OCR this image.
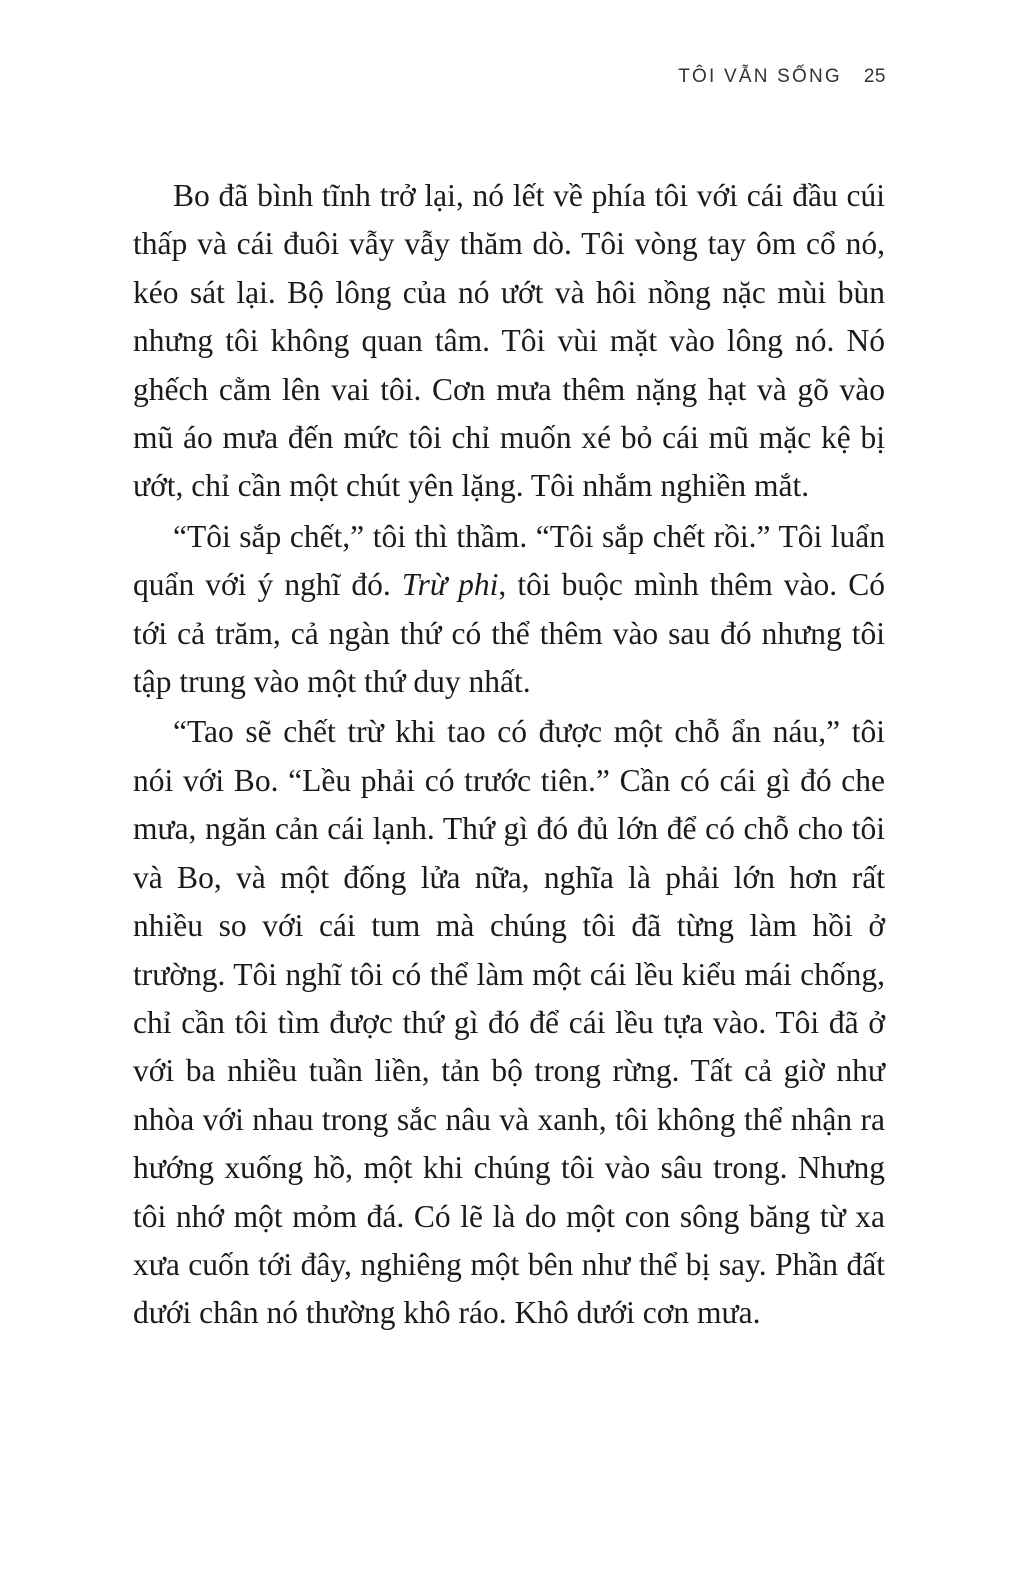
TÔI VẪN SỐNG 25

Bo đã bình tĩnh trở lại, nó lết về phía tôi với cái đầu cúi thấp và cái đuôi vẫy vẫy thăm dò. Tôi vòng tay ôm cổ nó, kéo sát lại. Bộ lông của nó ướt và hôi nồng nặc mùi bùn nhưng tôi không quan tâm. Tôi vùi mặt vào lông nó. Nó ghếch cằm lên vai tôi. Cơn mưa thêm nặng hạt và gõ vào mũ áo mưa đến mức tôi chỉ muốn xé bỏ cái mũ mặc kệ bị ướt, chỉ cần một chút yên lặng. Tôi nhắm nghiền mắt.

“Tôi sắp chết,” tôi thì thầm. “Tôi sắp chết rồi.” Tôi luẩn quẩn với ý nghĩ đó. Trừ phi, tôi buộc mình thêm vào. Có tới cả trăm, cả ngàn thứ có thể thêm vào sau đó nhưng tôi tập trung vào một thứ duy nhất.

“Tao sẽ chết trừ khi tao có được một chỗ ẩn náu,” tôi nói với Bo. “Lều phải có trước tiên.” Cần có cái gì đó che mưa, ngăn cản cái lạnh. Thứ gì đó đủ lớn để có chỗ cho tôi và Bo, và một đống lửa nữa, nghĩa là phải lớn hơn rất nhiều so với cái tum mà chúng tôi đã từng làm hồi ở trường. Tôi nghĩ tôi có thể làm một cái lều kiểu mái chống, chỉ cần tôi tìm được thứ gì đó để cái lều tựa vào. Tôi đã ở với ba nhiều tuần liền, tản bộ trong rừng. Tất cả giờ như nhòa với nhau trong sắc nâu và xanh, tôi không thể nhận ra hướng xuống hồ, một khi chúng tôi vào sâu trong. Nhưng tôi nhớ một mỏm đá. Có lẽ là do một con sông băng từ xa xưa cuốn tới đây, nghiêng một bên như thể bị say. Phần đất dưới chân nó thường khô ráo. Khô dưới cơn mưa.
